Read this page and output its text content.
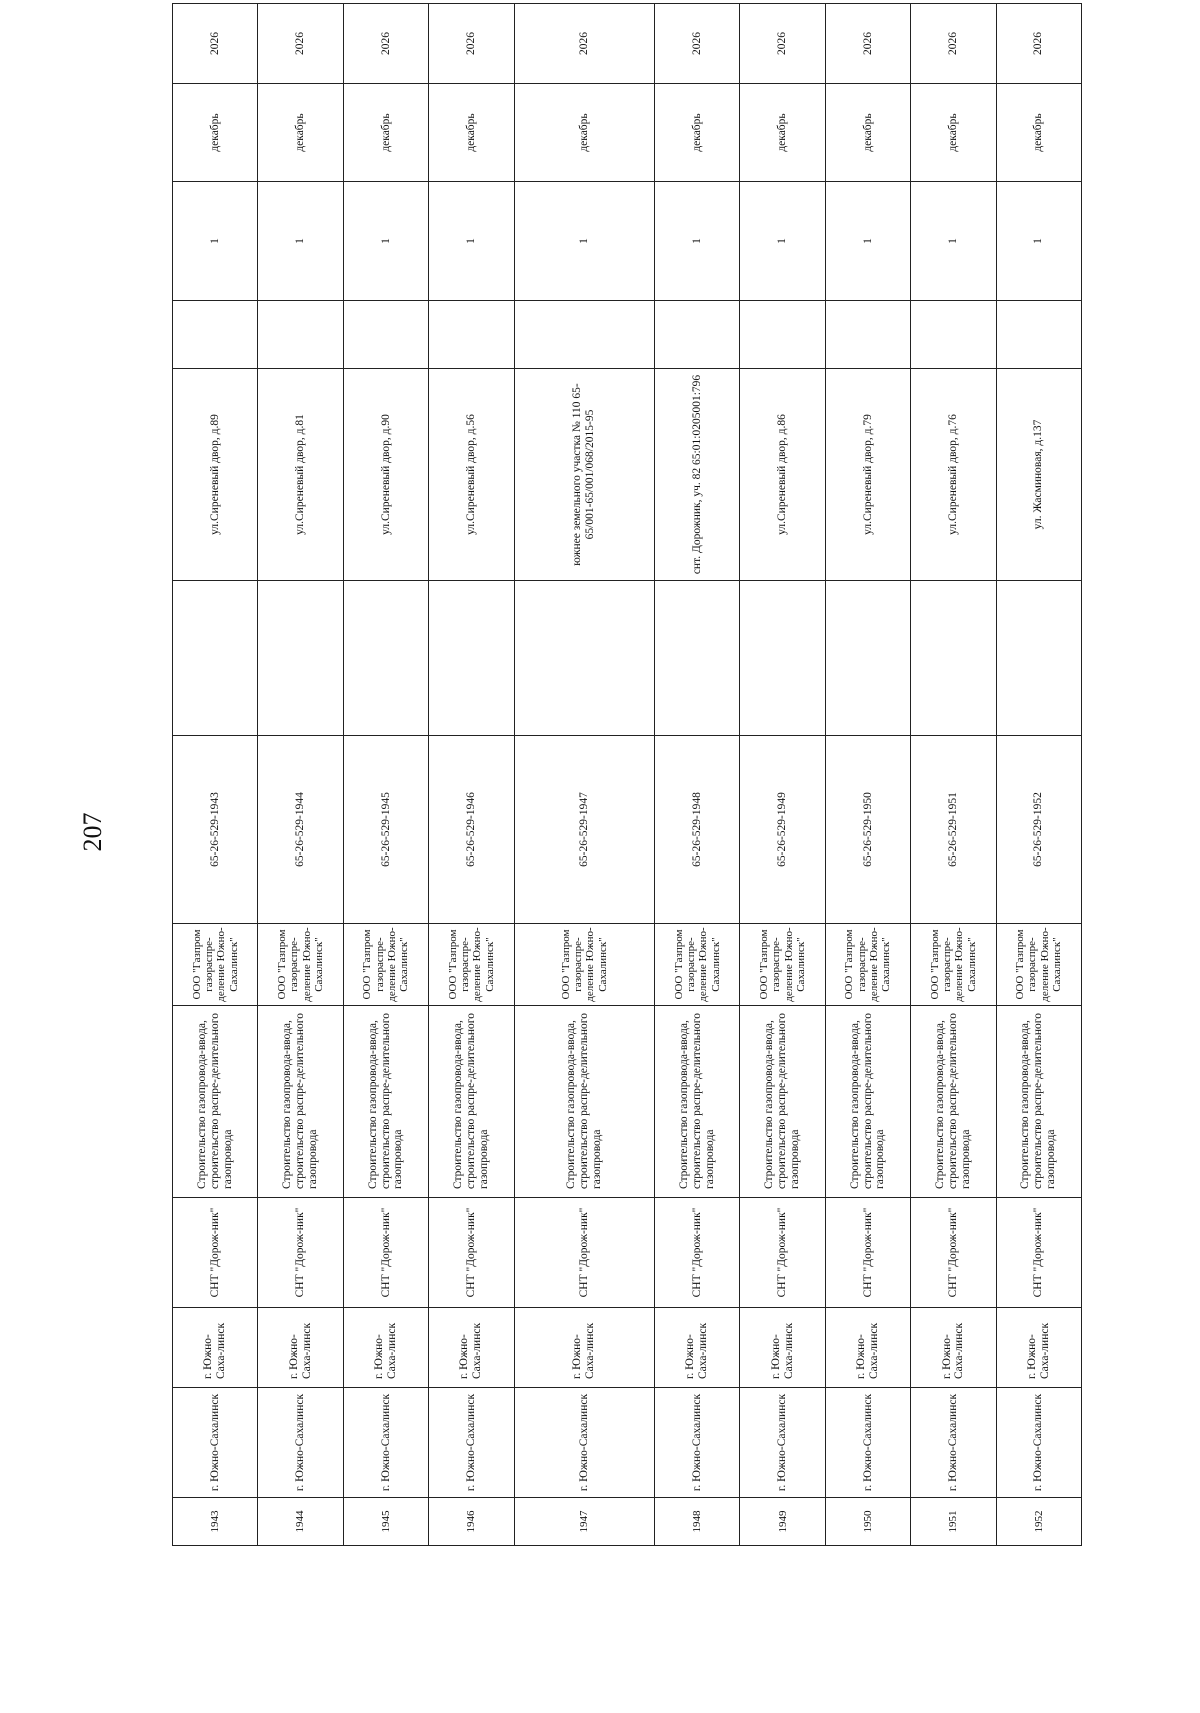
207
1943	г. Южно-Сахалинск	г. Южно-Саха-линск	СНТ "Дорож-ник"	Строительство газопровода-ввода, строительство распре-делительного газопровода	ООО "Газпром газораспре-деление Южно-Сахалинск"	65-26-529-1943		ул.Сиреневый двор, д.89		1	декабрь	2026
1944	г. Южно-Сахалинск	г. Южно-Саха-линск	СНТ "Дорож-ник"	Строительство газопровода-ввода, строительство распре-делительного газопровода	ООО "Газпром газораспре-деление Южно-Сахалинск"	65-26-529-1944		ул.Сиреневый двор, д.81		1	декабрь	2026
1945	г. Южно-Сахалинск	г. Южно-Саха-линск	СНТ "Дорож-ник"	Строительство газопровода-ввода, строительство распре-делительного газопровода	ООО "Газпром газораспре-деление Южно-Сахалинск"	65-26-529-1945		ул.Сиреневый двор, д.90		1	декабрь	2026
1946	г. Южно-Сахалинск	г. Южно-Саха-линск	СНТ "Дорож-ник"	Строительство газопровода-ввода, строительство распре-делительного газопровода	ООО "Газпром газораспре-деление Южно-Сахалинск"	65-26-529-1946		ул.Сиреневый двор, д.56		1	декабрь	2026
1947	г. Южно-Сахалинск	г. Южно-Саха-линск	СНТ "Дорож-ник"	Строительство газопровода-ввода, строительство распре-делительного газопровода	ООО "Газпром газораспре-деление Южно-Сахалинск"	65-26-529-1947		южнее земельного участка № 110 65-65/001-65/001/068/2015-95		1	декабрь	2026
1948	г. Южно-Сахалинск	г. Южно-Саха-линск	СНТ "Дорож-ник"	Строительство газопровода-ввода, строительство распре-делительного газопровода	ООО "Газпром газораспре-деление Южно-Сахалинск"	65-26-529-1948		снт. Дорожник, уч. 82 65:01:0205001:796		1	декабрь	2026
1949	г. Южно-Сахалинск	г. Южно-Саха-линск	СНТ "Дорож-ник"	Строительство газопровода-ввода, строительство распре-делительного газопровода	ООО "Газпром газораспре-деление Южно-Сахалинск"	65-26-529-1949		ул.Сиреневый двор, д.86		1	декабрь	2026
1950	г. Южно-Сахалинск	г. Южно-Саха-линск	СНТ "Дорож-ник"	Строительство газопровода-ввода, строительство распре-делительного газопровода	ООО "Газпром газораспре-деление Южно-Сахалинск"	65-26-529-1950		ул.Сиреневый двор, д.79		1	декабрь	2026
1951	г. Южно-Сахалинск	г. Южно-Саха-линск	СНТ "Дорож-ник"	Строительство газопровода-ввода, строительство распре-делительного газопровода	ООО "Газпром газораспре-деление Южно-Сахалинск"	65-26-529-1951		ул.Сиреневый двор, д.76		1	декабрь	2026
1952	г. Южно-Сахалинск	г. Южно-Саха-линск	СНТ "Дорож-ник"	Строительство газопровода-ввода, строительство распре-делительного газопровода	ООО "Газпром газораспре-деление Южно-Сахалинск"	65-26-529-1952		ул. Жасминовая, д.137		1	декабрь	2026
